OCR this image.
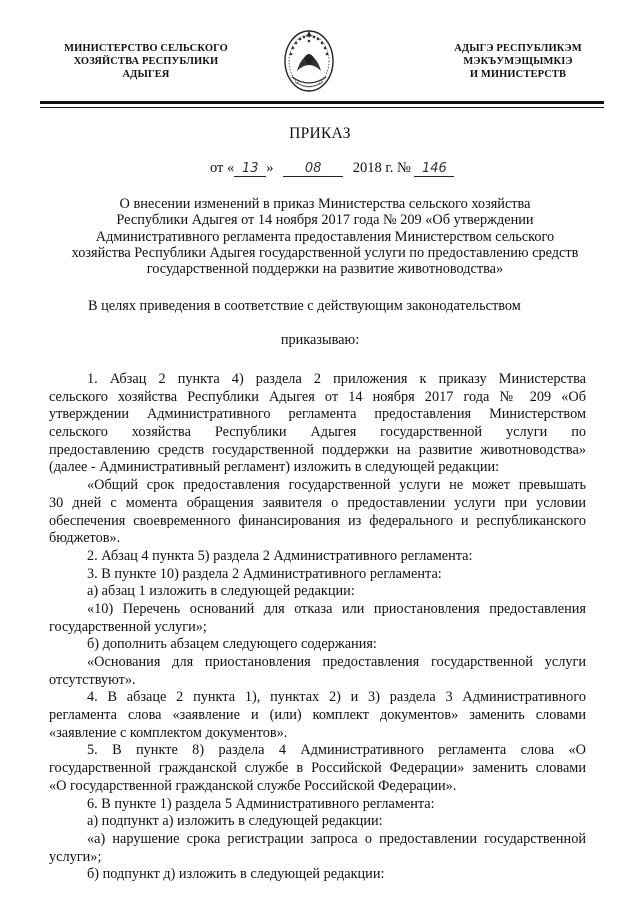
МИНИСТЕРСТВО СЕЛЬСКОГО
ХОЗЯЙСТВА РЕСПУБЛИКИ
АДЫГЕЯ
АДЫГЭ РЕСПУБЛИКЭМ
МЭКЪУМЭЩЫМКIЭ
И МИНИСТЕРСТВ
ПРИКАЗ
от « 13 » 08 2018 г. № 146
О внесении изменений в приказ Министерства сельского хозяйства
Республики Адыгея от 14 ноября 2017 года № 209 «Об утверждении
Административного регламента предоставления Министерством сельского
хозяйства Республики Адыгея государственной услуги по предоставлению средств
государственной поддержки на развитие животноводства»
В целях приведения в соответствие с действующим законодательством
приказываю:
1. Абзац 2 пункта 4) раздела 2 приложения к приказу Министерства
сельского хозяйства Республики Адыгея от 14 ноября 2017 года № 209 «Об
утверждении Административного регламента предоставления Министерством
сельского хозяйства Республики Адыгея государственной услуги по
предоставлению средств государственной поддержки на развитие животноводства»
(далее - Административный регламент) изложить в следующей редакции:
«Общий срок предоставления государственной услуги не может превышать
30 дней с момента обращения заявителя о предоставлении услуги при условии
обеспечения своевременного финансирования из федерального и республиканского
бюджетов».
2. Абзац 4 пункта 5) раздела 2 Административного регламента:
3. В пункте 10) раздела 2 Административного регламента:
а) абзац 1 изложить в следующей редакции:
«10) Перечень оснований для отказа или приостановления предоставления
государственной услуги»;
б) дополнить абзацем следующего содержания:
«Основания для приостановления предоставления государственной услуги
отсутствуют».
4. В абзаце 2 пункта 1), пунктах 2) и 3) раздела 3 Административного
регламента слова «заявление и (или) комплект документов» заменить словами
«заявление с комплектом документов».
5. В пункте 8) раздела 4 Административного регламента слова «О
государственной гражданской службе в Российской Федерации» заменить словами
«О государственной гражданской службе Российской Федерации».
6. В пункте 1) раздела 5 Административного регламента:
а) подпункт а) изложить в следующей редакции:
«а) нарушение срока регистрации запроса о предоставлении государственной
услуги»;
б) подпункт д) изложить в следующей редакции:
